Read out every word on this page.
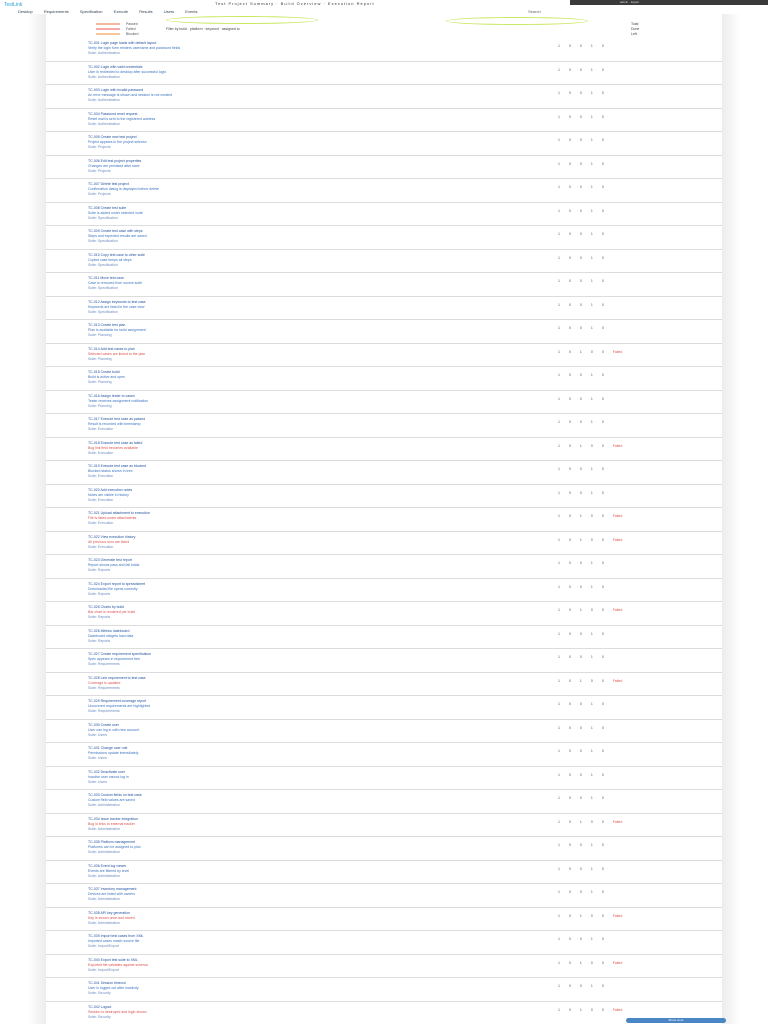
TestLink	Test Project Summary · Build Overview · Execution Report	admin · logout
Desktop	Requirements	Specification	Execute	Results	Users	Events	Search
Passed
Failed
Blocked
Filter by build · platform · keyword · assigned to
Total
Done
Left
TC-001 Login page loads with default layout
Verify the login form renders username and password fields
Suite: Authentication
1	0	0	1	0
TC-002 Login with valid credentials
User is redirected to desktop after successful login
Suite: Authentication
1	0	0	1	0
TC-003 Login with invalid password
An error message is shown and session is not created
Suite: Authentication
1	0	0	1	0
TC-004 Password reset request
Reset mail is sent to the registered address
Suite: Authentication
1	0	0	1	0
TC-005 Create new test project
Project appears in the project selector
Suite: Projects
1	0	0	1	0
TC-006 Edit test project properties
Changes are persisted after save
Suite: Projects
1	0	0	1	0
TC-007 Delete test project
Confirmation dialog is displayed before delete
Suite: Projects
1	0	0	1	0
TC-008 Create test suite
Suite is added under selected node
Suite: Specification
1	0	0	1	0
TC-009 Create test case with steps
Steps and expected results are saved
Suite: Specification
1	0	0	1	0
TC-010 Copy test case to other suite
Copied case keeps all steps
Suite: Specification
1	0	0	1	0
TC-011 Move test case
Case is removed from source suite
Suite: Specification
1	0	0	1	0
TC-012 Assign keywords to test case
Keywords are listed in the case view
Suite: Specification
1	0	0	1	0
TC-013 Create test plan
Plan is available for build assignment
Suite: Planning
1	0	0	1	0
TC-014 Add test cases to plan
Selected cases are linked to the plan
Suite: Planning
1	0	1	0	0	Failed
TC-015 Create build
Build is active and open
Suite: Planning
1	0	0	1	0
TC-016 Assign tester to cases
Tester receives assignment notification
Suite: Planning
1	0	0	1	0
TC-017 Execute test case as passed
Result is recorded with timestamp
Suite: Execution
1	0	0	1	0
TC-018 Execute test case as failed
Bug link field becomes available
Suite: Execution
1	0	1	0	0	Failed
TC-019 Execute test case as blocked
Blocked status shown in tree
Suite: Execution
1	0	0	1	0
TC-020 Add execution notes
Notes are visible in history
Suite: Execution
1	0	0	1	0
TC-021 Upload attachment to execution
File is listed under attachments
Suite: Execution
1	0	1	0	0	Failed
TC-022 View execution history
All previous runs are listed
Suite: Execution
1	0	1	0	0	Failed
TC-023 Generate test report
Report shows pass and fail totals
Suite: Reports
1	0	0	1	0
TC-024 Export report to spreadsheet
Downloaded file opens correctly
Suite: Reports
1	0	0	1	0
TC-025 Charts by build
Bar chart is rendered per build
Suite: Reports
1	0	1	0	0	Failed
TC-026 Metrics dashboard
Dashboard widgets load data
Suite: Reports
1	0	0	1	0
TC-027 Create requirement specification
Spec appears in requirement tree
Suite: Requirements
1	0	0	1	0
TC-028 Link requirement to test case
Coverage is updated
Suite: Requirements
1	0	1	0	0	Failed
TC-029 Requirement coverage report
Uncovered requirements are highlighted
Suite: Requirements
1	0	0	1	0
TC-030 Create user
User can log in with new account
Suite: Users
1	0	0	1	0
TC-031 Change user role
Permissions update immediately
Suite: Users
1	0	0	1	0
TC-032 Deactivate user
Inactive user cannot log in
Suite: Users
1	0	0	1	0
TC-033 Custom fields on test case
Custom field values are saved
Suite: Administration
1	0	0	1	0
TC-034 Issue tracker integration
Bug id links to external tracker
Suite: Administration
1	0	1	0	0	Failed
TC-035 Platform management
Platforms can be assigned to plan
Suite: Administration
1	0	0	1	0
TC-036 Event log viewer
Events are filtered by level
Suite: Administration
1	0	0	1	0
TC-037 Inventory management
Devices are listed with owners
Suite: Administration
1	0	0	1	0
TC-038 API key generation
Key is shown once and stored
Suite: Administration
1	0	1	0	0	Failed
TC-039 Import test cases from XML
Imported cases match source file
Suite: Import/Export
1	0	0	1	0
TC-040 Export test suite to XML
Exported file validates against schema
Suite: Import/Export
1	0	1	0	0	Failed
TC-041 Session timeout
User is logged out after inactivity
Suite: Security
1	0	0	1	0
TC-042 Logout
Session is destroyed and login shown
Suite: Security
1	0	1	0	0	Failed
Show more
